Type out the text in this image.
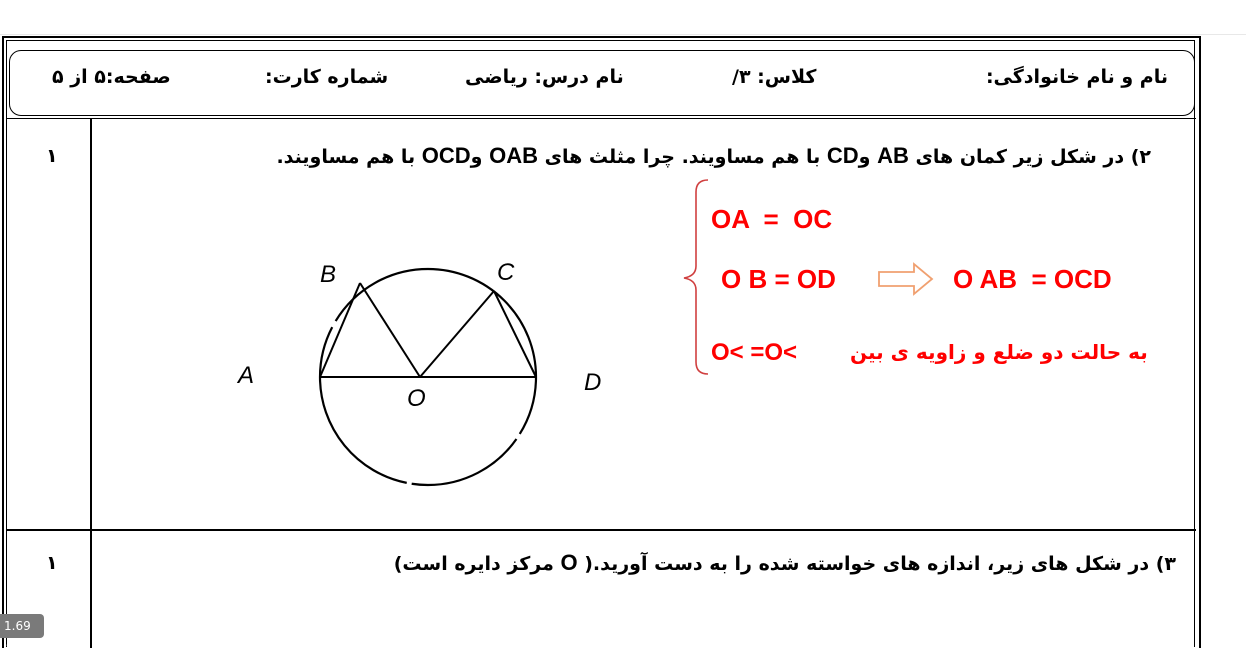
نام و نام خانوادگی:
کلاس: ۳/
نام درس: ریاضی
شماره کارت:
صفحه:۵ از ۵
۱	۲) در شکل زیر کمان های AB وCD با هم مساویند. چرا مثلث های OAB وOCD با هم مساویند.
B	C
A	D
O
OA  =  OC
O B = OD	O AB  = OCD
O< =O<	به حالت دو ضلع و زاویه ی بین
۱	۳) در شکل های زیر، اندازه های خواسته شده را به دست آورید.( O مرکز دایره است)
1.69 in
